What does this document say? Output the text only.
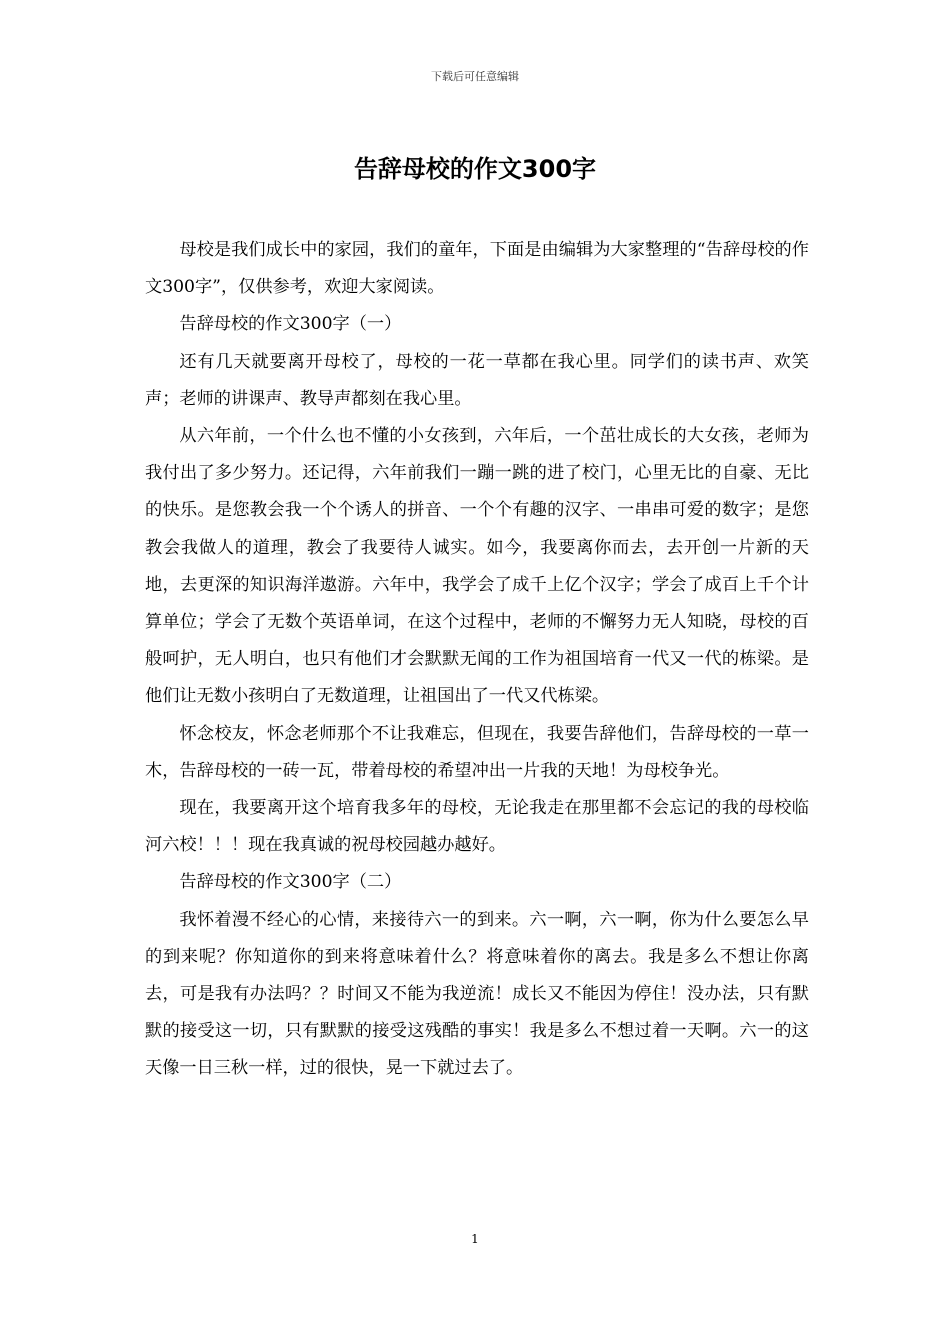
下载后可任意编辑
告辞母校的作文300字

母校是我们成长中的家园，我们的童年，下面是由编辑为大家整理的“告辞母校的作文300字”，仅供参考，欢迎大家阅读。

告辞母校的作文300字（一）

还有几天就要离开母校了，母校的一花一草都在我心里。同学们的读书声、欢笑声；老师的讲课声、教导声都刻在我心里。

从六年前，一个什么也不懂的小女孩到，六年后，一个茁壮成长的大女孩，老师为我付出了多少努力。还记得，六年前我们一蹦一跳的进了校门，心里无比的自豪、无比的快乐。是您教会我一个个诱人的拼音、一个个有趣的汉字、一串串可爱的数字；是您教会我做人的道理，教会了我要待人诚实。如今，我要离你而去，去开创一片新的天地，去更深的知识海洋遨游。六年中，我学会了成千上亿个汉字；学会了成百上千个计算单位；学会了无数个英语单词，在这个过程中，老师的不懈努力无人知晓，母校的百般呵护，无人明白，也只有他们才会默默无闻的工作为祖国培育一代又一代的栋梁。是他们让无数小孩明白了无数道理，让祖国出了一代又代栋梁。

怀念校友，怀念老师那个不让我难忘，但现在，我要告辞他们，告辞母校的一草一木，告辞母校的一砖一瓦，带着母校的希望冲出一片我的天地！为母校争光。

现在，我要离开这个培育我多年的母校，无论我走在那里都不会忘记的我的母校临河六校！！！现在我真诚的祝母校园越办越好。

告辞母校的作文300字（二）

我怀着漫不经心的心情，来接待六一的到来。六一啊，六一啊，你为什么要怎么早的到来呢？你知道你的到来将意味着什么？将意味着你的离去。我是多么不想让你离去，可是我有办法吗？？时间又不能为我逆流！成长又不能因为停住！没办法，只有默默的接受这一切，只有默默的接受这残酷的事实！我是多么不想过着一天啊。六一的这天像一日三秋一样，过的很快，晃一下就过去了。

1
